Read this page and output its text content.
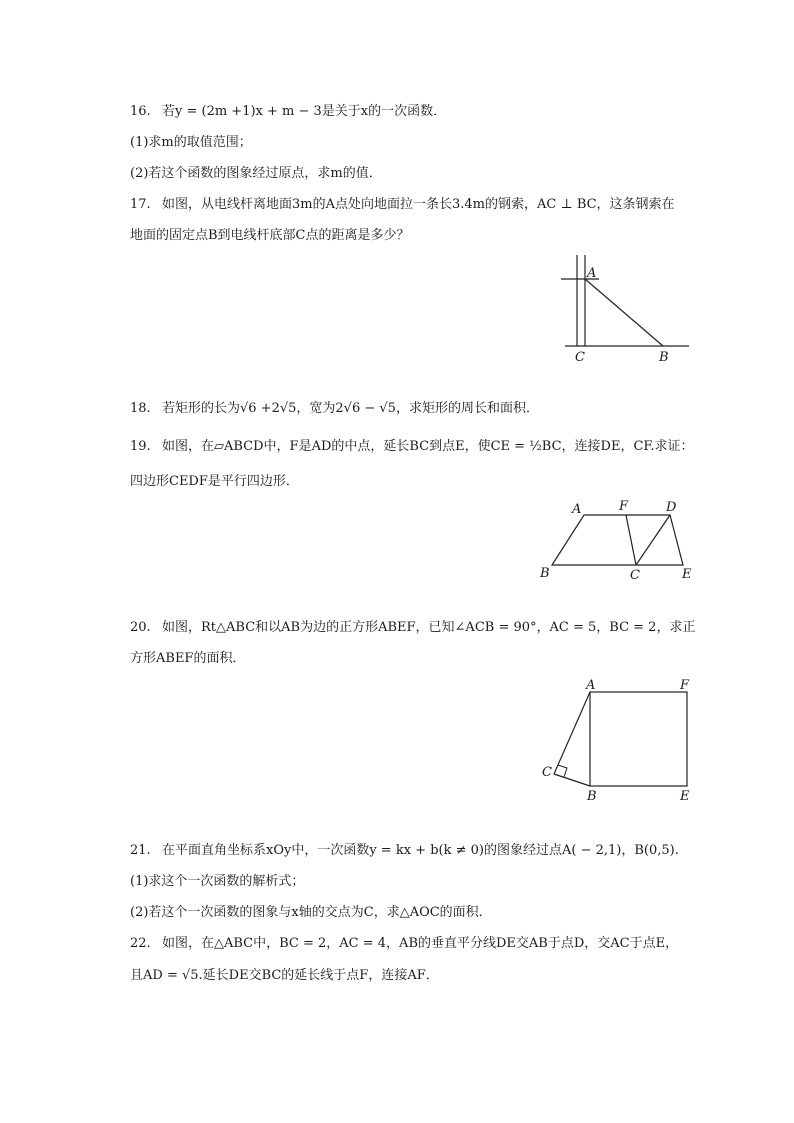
16. 若y = (2m +1)x + m − 3是关于x的一次函数．
(1)求m的取值范围；
(2)若这个函数的图象经过原点，求m的值．
17. 如图，从电线杆离地面3m的A点处向地面拉一条长3.4m的钢索，AC ⊥ BC，这条钢索在
地面的固定点B到电线杆底部C点的距离是多少？
A
C	B
18. 若矩形的长为√6 +2√5，宽为2√6 − √5，求矩形的周长和面积．
19. 如图，在▱ABCD中，F是AD的中点，延长BC到点E，使CE = ½BC，连接DE，CF.求证：
四边形CEDF是平行四边形．
A	F	D
B	C	E
20. 如图，Rt△ABC和以AB为边的正方形ABEF，已知∠ACB = 90°，AC = 5，BC = 2，求正
方形ABEF的面积．
A	F
C
B	E
21. 在平面直角坐标系xOy中，一次函数y = kx + b(k ≠ 0)的图象经过点A( − 2,1)，B(0,5).
(1)求这个一次函数的解析式；
(2)若这个一次函数的图象与x轴的交点为C，求△AOC的面积．
22. 如图，在△ABC中，BC = 2，AC = 4，AB的垂直平分线DE交AB于点D，交AC于点E，
且AD = √5.延长DE交BC的延长线于点F，连接AF．
